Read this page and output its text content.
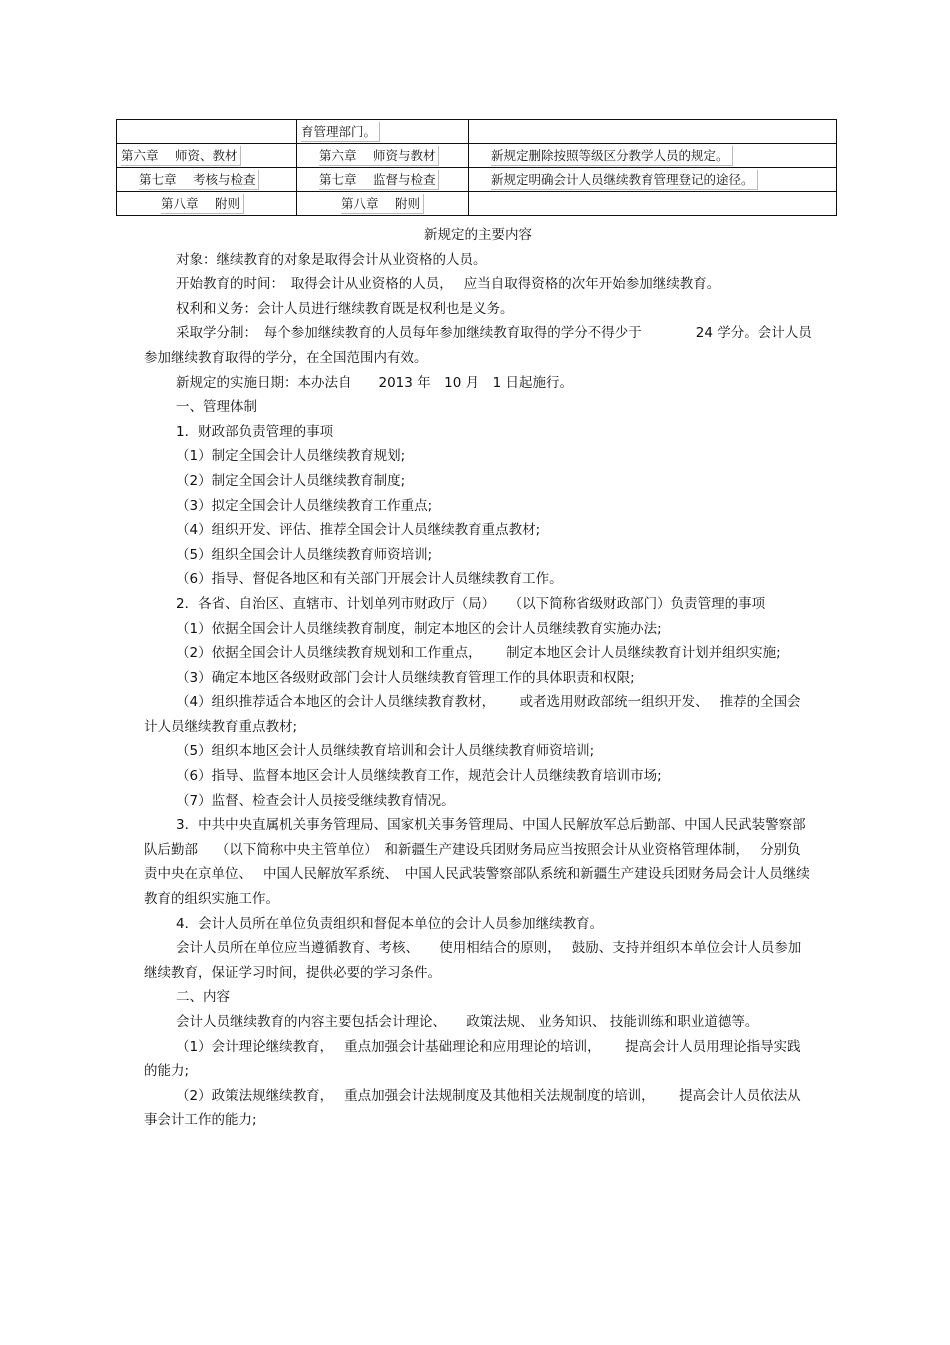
	育管理部门。	
第六章　 师资、教材	第六章　 师资与教材	新规定删除按照等级区分教学人员的规定。
第七章　 考核与检查	第七章　 监督与检查	新规定明确会计人员继续教育管理登记的途径。
第八章　 附则	第八章　 附则	

新规定的主要内容

对象：继续教育的对象是取得会计从业资格的人员。

开始教育的时间：　取得会计从业资格的人员，　 应当自取得资格的次年开始参加继续教育。

权利和义务：会计人员进行继续教育既是权利也是义务。

采取学分制：　每个参加继续教育的人员每年参加继续教育取得的学分不得少于　　　　24 学分。会计人员参加继续教育取得的学分，在全国范围内有效。

新规定的实施日期：本办法自　　2013 年　10 月　1 日起施行。

一、管理体制

1．财政部负责管理的事项

（1）制定全国会计人员继续教育规划;

（2）制定全国会计人员继续教育制度;

（3）拟定全国会计人员继续教育工作重点;

（4）组织开发、评估、推荐全国会计人员继续教育重点教材;

（5）组织全国会计人员继续教育师资培训;

（6）指导、督促各地区和有关部门开展会计人员继续教育工作。

2．各省、自治区、直辖市、计划单列市财政厅（局）　　（以下简称省级财政部门）负责管理的事项

（1）依据全国会计人员继续教育制度，制定本地区的会计人员继续教育实施办法;

（2）依据全国会计人员继续教育规划和工作重点，　　 制定本地区会计人员继续教育计划并组织实施;

（3）确定本地区各级财政部门会计人员继续教育管理工作的具体职责和权限;

（4）组织推荐适合本地区的会计人员继续教育教材，　　 或者选用财政部统一组织开发、　 推荐的全国会计人员继续教育重点教材;

（5）组织本地区会计人员继续教育培训和会计人员继续教育师资培训;

（6）指导、监督本地区会计人员继续教育工作，规范会计人员继续教育培训市场;

（7）监督、检查会计人员接受继续教育情况。

3．中共中央直属机关事务管理局、国家机关事务管理局、中国人民解放军总后勤部、中国人民武装警察部队后勤部　 （以下简称中央主管单位）　和新疆生产建设兵团财务局应当按照会计从业资格管理体制，　 分别负责中央在京单位、　 中国人民解放军系统、　中国人民武装警察部队系统和新疆生产建设兵团财务局会计人员继续教育的组织实施工作。

4．会计人员所在单位负责组织和督促本单位的会计人员参加继续教育。

会计人员所在单位应当遵循教育、考核、　　使用相结合的原则，　 鼓励、支持并组织本单位会计人员参加继续教育，保证学习时间，提供必要的学习条件。

二、内容

会计人员继续教育的内容主要包括会计理论、　　政策法规、 业务知识、 技能训练和职业道德等。

（1）会计理论继续教育，　 重点加强会计基础理论和应用理论的培训，　　 提高会计人员用理论指导实践的能力;

（2）政策法规继续教育，　 重点加强会计法规制度及其他相关法规制度的培训，　　 提高会计人员依法从事会计工作的能力;
